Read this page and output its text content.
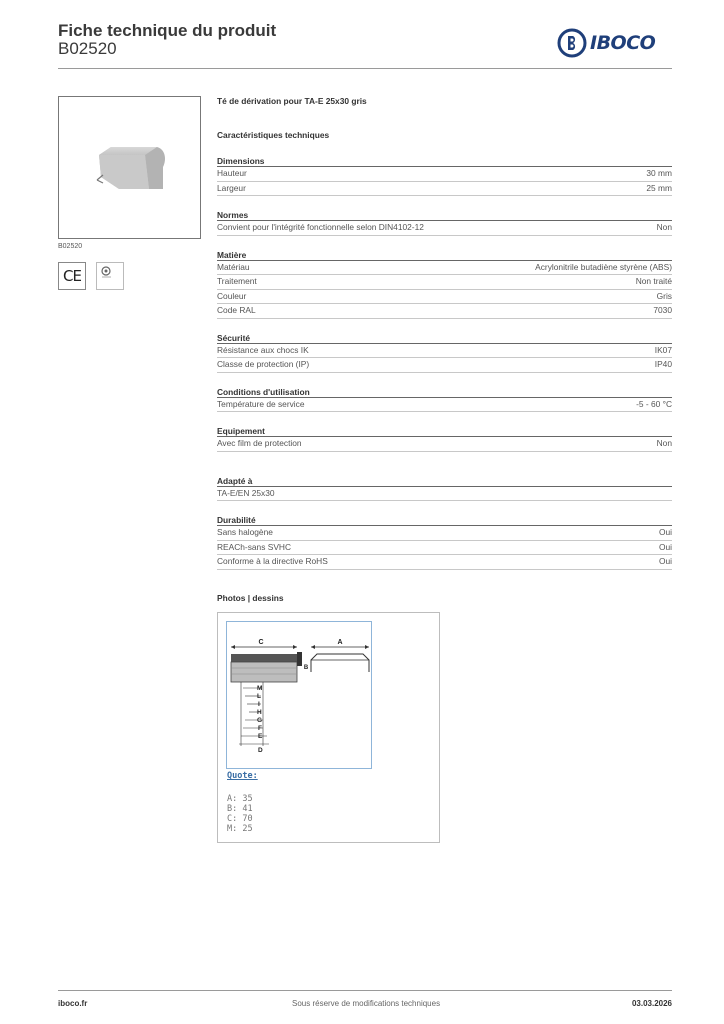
Fiche technique du produit
B02520	IBOCO
B02520
CE
Té de dérivation pour TA-E 25x30 gris
Caractéristiques techniques
Dimensions
Hauteur	30 mm
Largeur	25 mm
Normes
Convient pour l'intégrité fonctionnelle selon DIN4102-12	Non
Matière
Matériau	Acrylonitrile butadiène styrène (ABS)
Traitement	Non traité
Couleur	Gris
Code RAL	7030
Sécurité
Résistance aux chocs IK	IK07
Classe de protection (IP)	IP40
Conditions d'utilisation
Température de service	-5 - 60 °C
Equipement
Avec film de protection	Non
Adapté à
TA-E/EN 25x30
Durabilité
Sans halogène	Oui
REACh-sans SVHC	Oui
Conforme à la directive RoHS	Oui
Photos | dessins
C	A
B
M
L
I
H
G
F
E
D
Quote:
A: 35
B: 41
C: 70
M: 25
iboco.fr	Sous réserve de modifications techniques	03.03.2026
